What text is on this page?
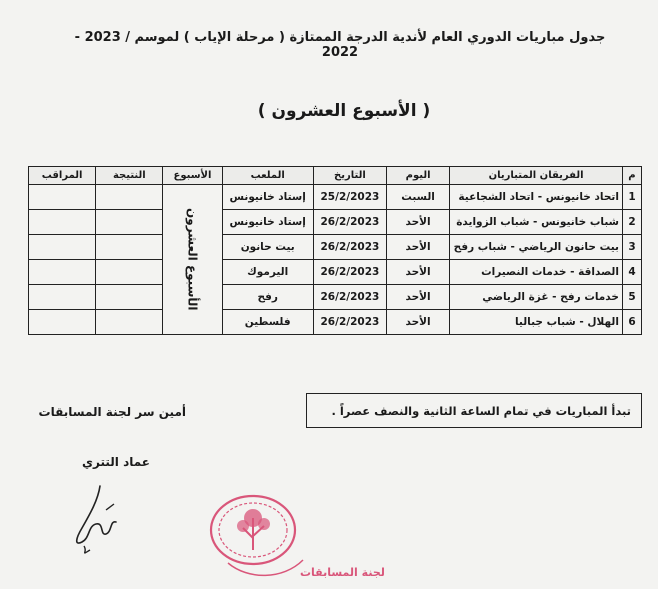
جدول مباريات الدوري العام لأندية الدرجة الممتازة ( مرحلة الإياب ) لموسم / 2023 - 2022
( الأسبوع العشرون )
م	الفريقان المتباريان	اليوم	التاريخ	الملعب	الأسبوع	النتيجة	المراقب
1	اتحاد خانيونس - اتحاد الشجاعية	السبت	25/2/2023	إستاد خانيونس	الأسبوع العشرون		

2	شباب خانيونس - شباب الزوايدة	الأحد	26/2/2023	إستاد خانيونس			
3	بيت حانون الرياضي - شباب رفح	الأحد	26/2/2023	بيت حانون			
4	الصداقة - خدمات النصيرات	الأحد	26/2/2023	اليرموك			
5	خدمات رفح - غزة الرياضي	الأحد	26/2/2023	رفح			
6	الهلال - شباب جباليا	الأحد	26/2/2023	فلسطين			
تبدأ المباريات في تمام الساعة الثانية والنصف عصراً .
أمين سر لجنة المسابقات
عماد التتري
لجنة المسابقات
